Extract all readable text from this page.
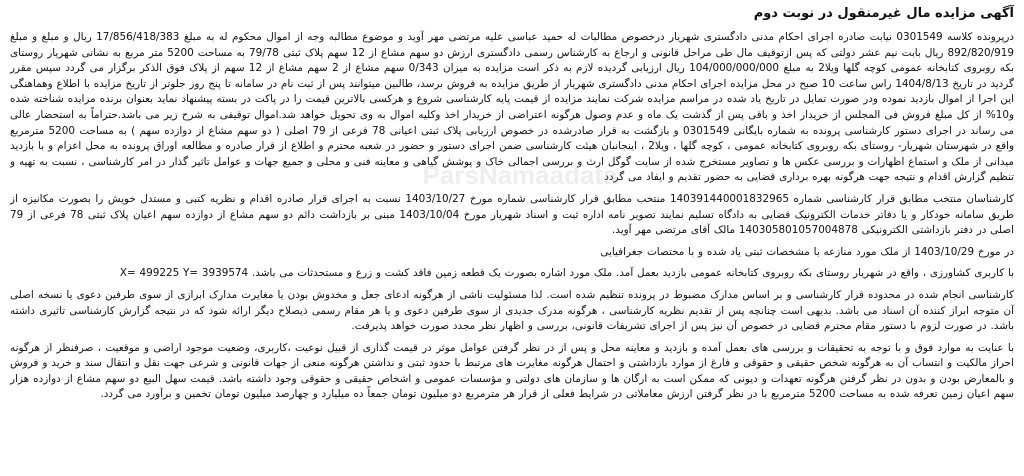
آگهی مزایده مال غیرمنقول در نوبت دوم
درپرونده کلاسه 0301549 نیابت صادره اجرای احکام مدنی دادگستری شهریار درخصوص مطالبات له حمید عباسی علیه مرتضی مهر آوید و موضوع مطالبه وجه از اموال محکوم له به مبلغ 17/856/418/383 ریال و مبلغ و مبلغ 892/820/919 ریال بابت نیم عشر دولتی که پس ازتوقیف مال طی مراحل قانونی و ارجاع به کارشناس رسمی دادگستری ارزش دو سهم مشاع از 12 سهم پلاک ثبتی 79/78 به مساحت 5200 متر مربع به نشانی شهریار روستای بکه روبروی کتابخانه عمومی کوچه گلها ویلا2 به مبلغ 104/000/000/000 ریال ارزیابی گردیده لازم به ذکر است مزایده به میزان 0/343 سهم مشاع از 2 سهم مشاع از 12 سهم از پلاک فوق الذکر برگزار می گردد سپس مقرر گردید در تاریخ 1404/8/13 راس ساعت 10 صبح در محل مزایده اجرای احکام مدنی دادگستری شهریار از طریق مزایده به فروش برسد، طالبین میتوانند پس از ثبت نام در سامانه تا پنج روز جلوتر از تاریخ مزایده با اطلاع وهماهنگی این اجرا از اموال بازدید نموده ودر صورت تمایل در تاریخ یاد شده در مراسم مزایده شرکت نمایند مزایده از قیمت پایه کارشناسی شروع و هرکسی بالاترین قیمت را در پاکت در بسته پیشنهاد نماید بعنوان برنده مزایده شناخته شده و10% از کل مبلغ فروش فی المجلس از خریدار اخذ و باقی پس از گذشت یک ماه و عدم وصول هرگونه اعتراضی از خریدار اخذ وکلیه اموال به وی تحویل خواهد شد.اموال توقیفی به شرح زیر می باشد.حتراماً به استحضار عالی می رساند در اجرای دستور کارشناسی پرونده به شماره بایگانی 0301549 و بازگشت به قرار صادرشده در خصوص ارزیابی پلاک ثبتی اعیانی 78 فرعی از 79 اصلی ( دو سهم مشاع از دوازده سهم ) به مساحت 5200 مترمربع واقع در شهرستان شهریار- روستای بکه روبروی کتابخانه عمومی ، کوچه گلها ، ویلا2 ، اینجانبان هیئت کارشناسی ضمن اجرای دستور و حضور در شعبه محترم و اطلاع از قرار صادره و مطالعه اوراق پرونده به محل اعزام و با بازدید میدانی از ملک و استماع اظهارات و بررسی عکس ها و تصاویر مستخرج شده از سایت گوگل ارث و بررسی اجمالی خاک و پوشش گیاهی و معاینه فنی و محلی و جمیع جهات و عوامل تاثیر گذار در امر کارشناسی ، نسبت به تهیه و تنظیم گزارش اقدام و نتیجه جهت هرگونه بهره برداری قضایی به حضور تقدیم و ایفاد می گردد
کارشناسان منتخب مطابق قرار کارشناسی شماره 140391440001832965 منتخب مطابق قرار کارشناسی شماره مورخ 1403/10/27 نسبت به اجرای قرار صادره اقدام و نظریه کتبی و مستدل خویش را بصورت مکانیزه از طریق سامانه خودکار و یا دفاتر خدمات الکترونیک قضایی به دادگاه تسلیم نمایند تصویر نامه اداره ثبت و اسناد شهریار مورخ 1403/10/04 مبنی بر بازداشت دائم دو سهم مشاع از دوازده سهم اعیان پلاک ثبتی 78 فرعی از 79 اصلی در دفتر بازداشتی الکترونیکی 140305801057004878 مالک آقای مرتضی مهر آوید.
در مورخ 1403/10/29 از ملک مورد منازعه با مشخصات ثبتی یاد شده و با مختصات جغرافیایی
با کاربری کشاورزی ، واقع در شهریار روستای بکه روبروی کتابخانه عمومی بازدید بعمل آمد. ملک مورد اشاره بصورت یک قطعه زمین فاقد کشت و زرع و مستحدثات می باشد. X= 499225 Y= 3939574
کارشناسی انجام شده در محدوده قرار کارشناسی و بر اساس مدارک مضبوط در پرونده تنظیم شده است. لذا مسئولیت ناشی از هرگونه ادعای جعل و مخدوش بودن یا مغایرت مدارک ابرازی از سوی طرفین دعوی یا نسخه اصلی آن متوجه ابراز کننده آن اسناد می باشد. بدیهی است چنانچه پس از تقدیم نظریه کارشناسی ، هرگونه مدرک جدیدی از سوی طرفین دعوی و یا هر مقام رسمی ذیصلاح دیگر ارائه شود که در نتیجه گزارش کارشناسی تاثیری داشته باشد. در صورت لزوم با دستور مقام محترم قضایی در خصوص آن نیز پس از اجرای تشریفات قانونی، بررسی و اظهار نظر مجدد صورت خواهد پذیرفت.
با عنایت به موارد فوق و با توجه به تحقیقات و بررسی های بعمل آمده و بازدید و معاینه محل و پس از در نظر گرفتن عوامل موثر در قیمت گذاری از قبیل نوعیت ،کاربری، وضعیت موجود اراضی و موقعیت ، صرفنظر از هرگونه احراز مالکیت و انتساب آن به هرگونه شخص حقیقی و حقوقی و فارغ از موارد بازداشتی و احتمال هرگونه مغایرت های مرتبط با حدود ثبتی و نداشتن هرگونه منعی از جهات قانونی و شرعی جهت نقل و انتقال سند و خرید و فروش و بالمعارض بودن و بدون در نظر گرفتن هرگونه تعهدات و دیونی که ممکن است به ارگان ها و سازمان های دولتی و مؤسسات عمومی و اشخاص حقیقی و حقوقی وجود داشته باشد. قیمت سهل البیع دو سهم مشاع از دوازده هزار سهم اعیان زمین تعرفه شده به مساحت 5200 مترمربع با در نظر گرفتن ارزش معاملاتی در شرایط فعلی از قرار هر مترمربع دو میلیون تومان جمعاً ده میلیارد و چهارصد میلیون تومان تخمین و برآورد می گردد.
ParsNamaadata
